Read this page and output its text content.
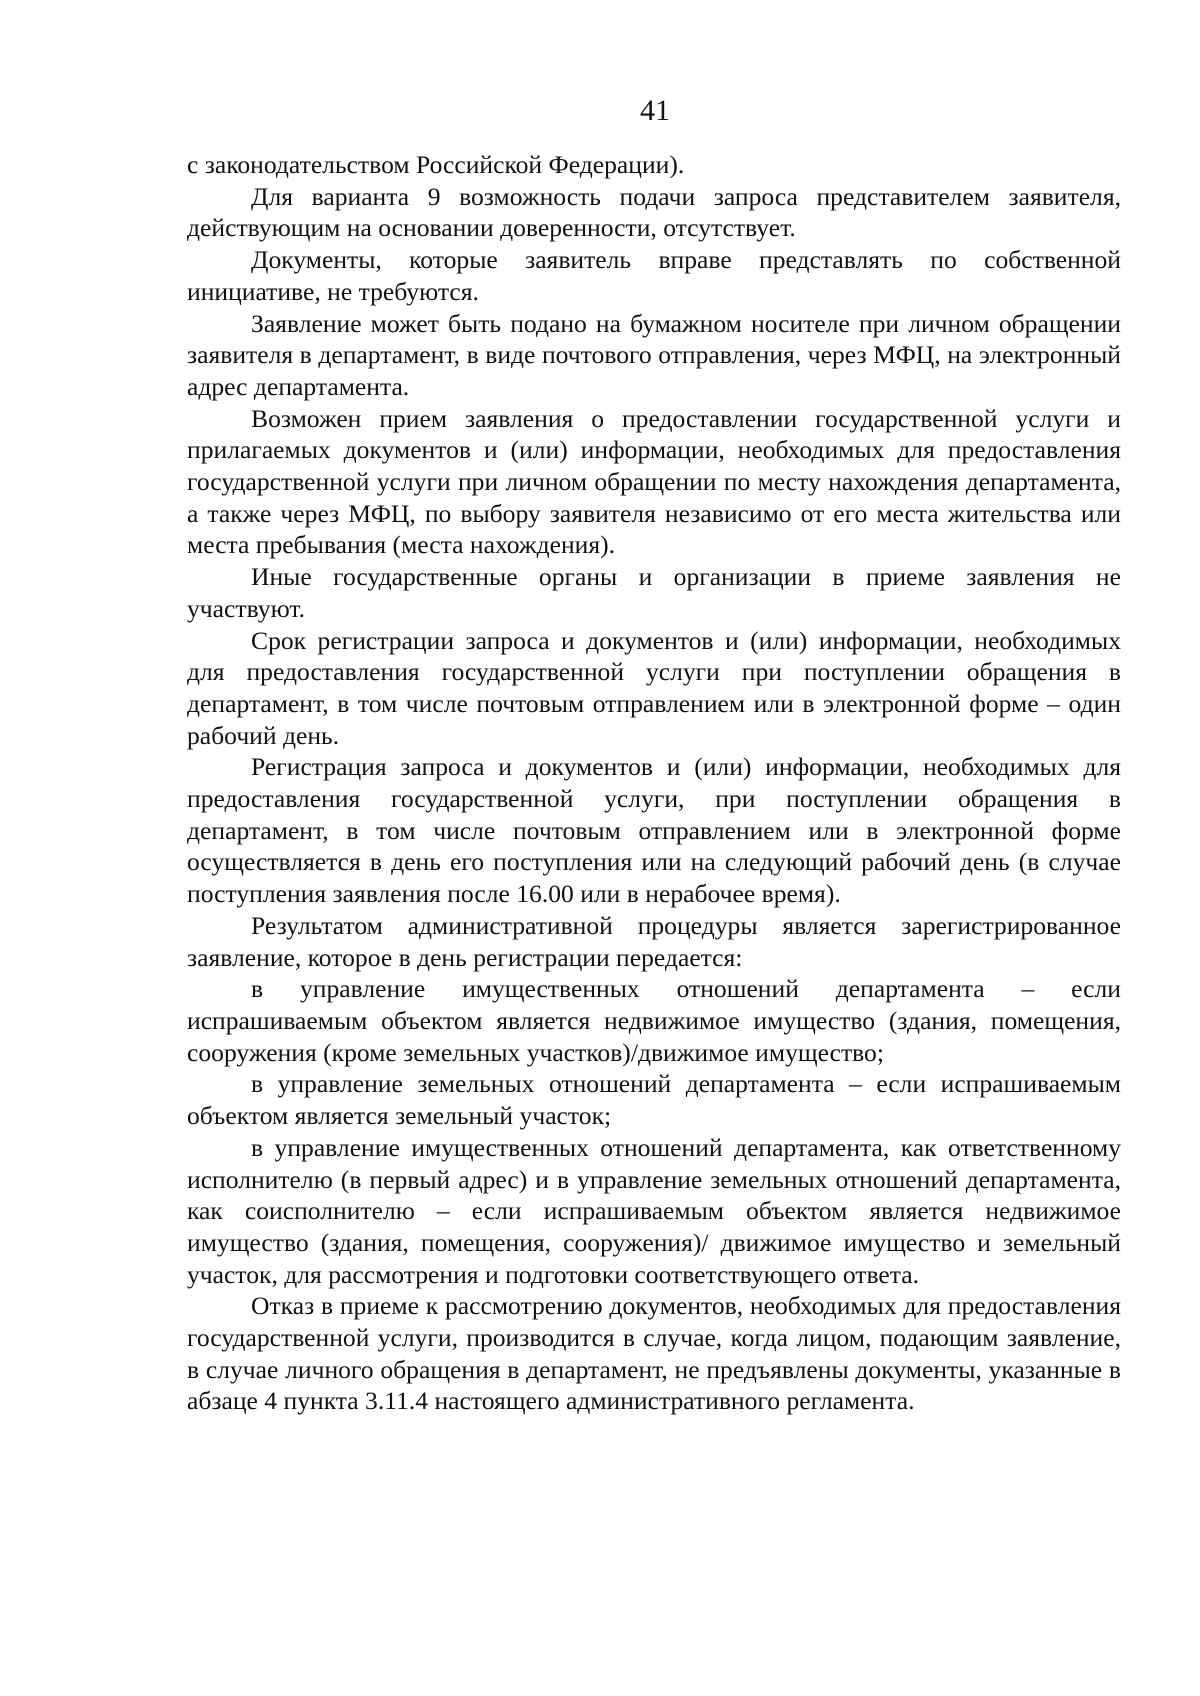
41

с законодательством Российской Федерации).

Для варианта 9 возможность подачи запроса представителем заявителя, действующим на основании доверенности, отсутствует.

Документы, которые заявитель вправе представлять по собственной инициативе, не требуются.

Заявление может быть подано на бумажном носителе при личном обращении заявителя в департамент, в виде почтового отправления, через МФЦ, на электронный адрес департамента.

Возможен прием заявления о предоставлении государственной услуги и прилагаемых документов и (или) информации, необходимых для предоставления государственной услуги при личном обращении по месту нахождения департамента, а также через МФЦ, по выбору заявителя независимо от его места жительства или места пребывания (места нахождения).

Иные государственные органы и организации в приеме заявления не участвуют.

Срок регистрации запроса и документов и (или) информации, необходимых для предоставления государственной услуги при поступлении обращения в департамент, в том числе почтовым отправлением или в электронной форме – один рабочий день.

Регистрация запроса и документов и (или) информации, необходимых для предоставления государственной услуги, при поступлении обращения в департамент, в том числе почтовым отправлением или в электронной форме осуществляется в день его поступления или на следующий рабочий день (в случае поступления заявления после 16.00 или в нерабочее время).

Результатом административной процедуры является зарегистрированное заявление, которое в день регистрации передается:

в управление имущественных отношений департамента – если испрашиваемым объектом является недвижимое имущество (здания, помещения, сооружения (кроме земельных участков)/движимое имущество;

в управление земельных отношений департамента – если испрашиваемым объектом является земельный участок;

в управление имущественных отношений департамента, как ответственному исполнителю (в первый адрес) и в управление земельных отношений департамента, как соисполнителю – если испрашиваемым объектом является недвижимое имущество (здания, помещения, сооружения)/ движимое имущество и земельный участок, для рассмотрения и подготовки соответствующего ответа.

Отказ в приеме к рассмотрению документов, необходимых для предоставления государственной услуги, производится в случае, когда лицом, подающим заявление, в случае личного обращения в департамент, не предъявлены документы, указанные в абзаце 4 пункта 3.11.4 настоящего административного регламента.
